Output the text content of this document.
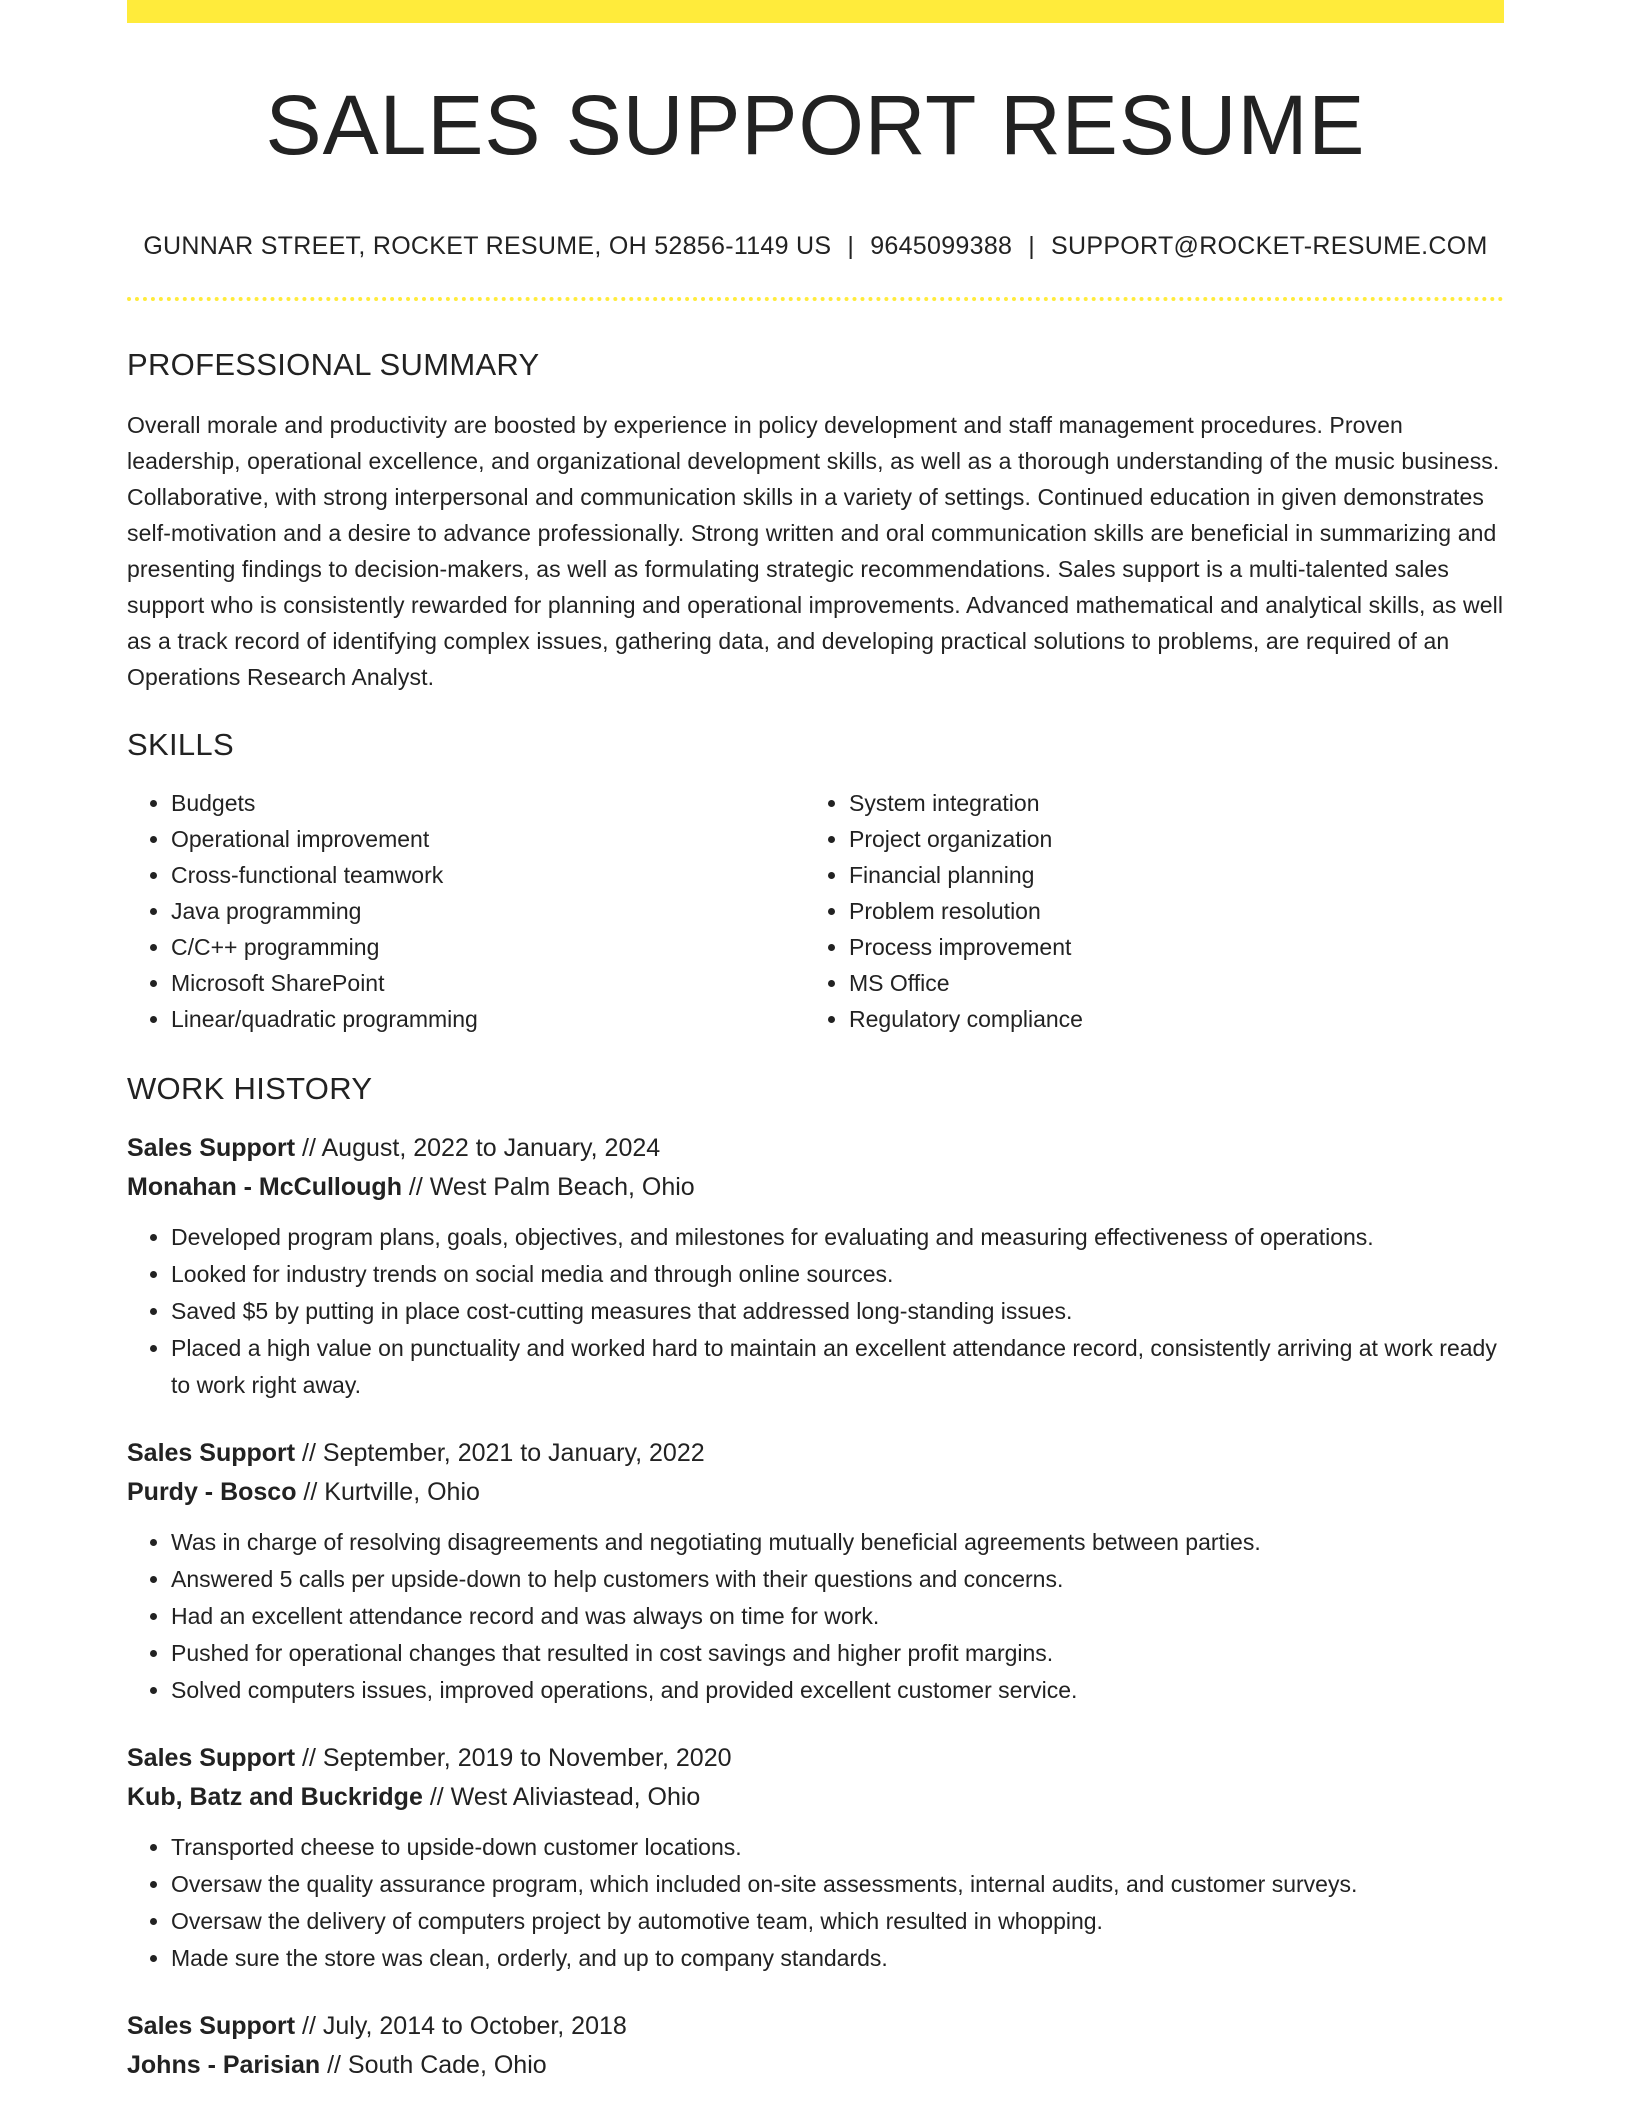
SALES SUPPORT RESUME
GUNNAR STREET, ROCKET RESUME, OH 52856-1149 US | 9645099388 | SUPPORT@ROCKET-RESUME.COM
PROFESSIONAL SUMMARY
Overall morale and productivity are boosted by experience in policy development and staff management procedures. Proven leadership, operational excellence, and organizational development skills, as well as a thorough understanding of the music business. Collaborative, with strong interpersonal and communication skills in a variety of settings. Continued education in given demonstrates self-motivation and a desire to advance professionally. Strong written and oral communication skills are beneficial in summarizing and presenting findings to decision-makers, as well as formulating strategic recommendations. Sales support is a multi-talented sales support who is consistently rewarded for planning and operational improvements. Advanced mathematical and analytical skills, as well as a track record of identifying complex issues, gathering data, and developing practical solutions to problems, are required of an Operations Research Analyst.
SKILLS
• Budgets
• Operational improvement
• Cross-functional teamwork
• Java programming
• C/C++ programming
• Microsoft SharePoint
• Linear/quadratic programming
• System integration
• Project organization
• Financial planning
• Problem resolution
• Process improvement
• MS Office
• Regulatory compliance
WORK HISTORY
Sales Support // August, 2022 to January, 2024
Monahan - McCullough // West Palm Beach, Ohio
• Developed program plans, goals, objectives, and milestones for evaluating and measuring effectiveness of operations.
• Looked for industry trends on social media and through online sources.
• Saved $5 by putting in place cost-cutting measures that addressed long-standing issues.
• Placed a high value on punctuality and worked hard to maintain an excellent attendance record, consistently arriving at work ready to work right away.
Sales Support // September, 2021 to January, 2022
Purdy - Bosco // Kurtville, Ohio
• Was in charge of resolving disagreements and negotiating mutually beneficial agreements between parties.
• Answered 5 calls per upside-down to help customers with their questions and concerns.
• Had an excellent attendance record and was always on time for work.
• Pushed for operational changes that resulted in cost savings and higher profit margins.
• Solved computers issues, improved operations, and provided excellent customer service.
Sales Support // September, 2019 to November, 2020
Kub, Batz and Buckridge // West Aliviastead, Ohio
• Transported cheese to upside-down customer locations.
• Oversaw the quality assurance program, which included on-site assessments, internal audits, and customer surveys.
• Oversaw the delivery of computers project by automotive team, which resulted in whopping.
• Made sure the store was clean, orderly, and up to company standards.
Sales Support // July, 2014 to October, 2018
Johns - Parisian // South Cade, Ohio
